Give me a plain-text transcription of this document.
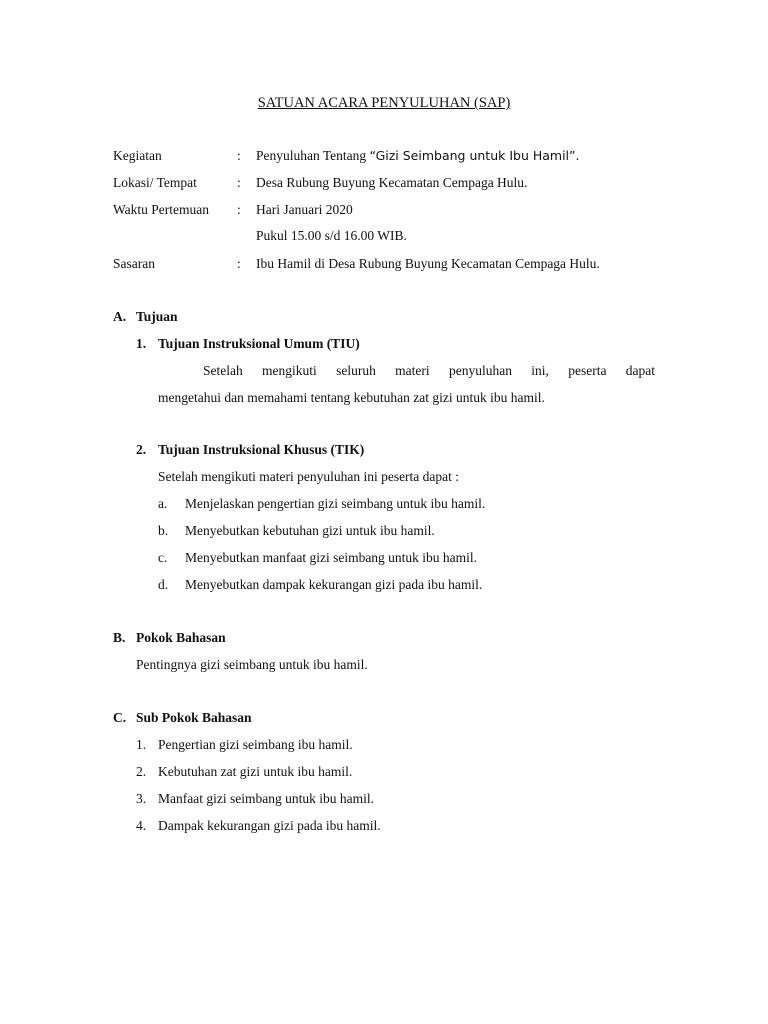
SATUAN ACARA PENYULUHAN (SAP)
Kegiatan	: Penyuluhan Tentang “Gizi Seimbang untuk Ibu Hamil”.
Lokasi/ Tempat	: Desa Rubung Buyung Kecamatan Cempaga Hulu.
Waktu Pertemuan : Hari Januari 2020
Pukul 15.00 s/d 16.00 WIB.
Sasaran	: Ibu Hamil di Desa Rubung Buyung Kecamatan Cempaga Hulu.
A. Tujuan
1. Tujuan Instruksional Umum (TIU)
Setelah mengikuti seluruh materi penyuluhan ini, peserta dapat
mengetahui dan memahami tentang kebutuhan zat gizi untuk ibu hamil.
2. Tujuan Instruksional Khusus (TIK)
Setelah mengikuti materi penyuluhan ini peserta dapat :
a. Menjelaskan pengertian gizi seimbang untuk ibu hamil.
b. Menyebutkan kebutuhan gizi untuk ibu hamil.
c. Menyebutkan manfaat gizi seimbang untuk ibu hamil.
d. Menyebutkan dampak kekurangan gizi pada ibu hamil.
B. Pokok Bahasan
Pentingnya gizi seimbang untuk ibu hamil.
C. Sub Pokok Bahasan
1. Pengertian gizi seimbang ibu hamil.
2. Kebutuhan zat gizi untuk ibu hamil.
3. Manfaat gizi seimbang untuk ibu hamil.
4. Dampak kekurangan gizi pada ibu hamil.
